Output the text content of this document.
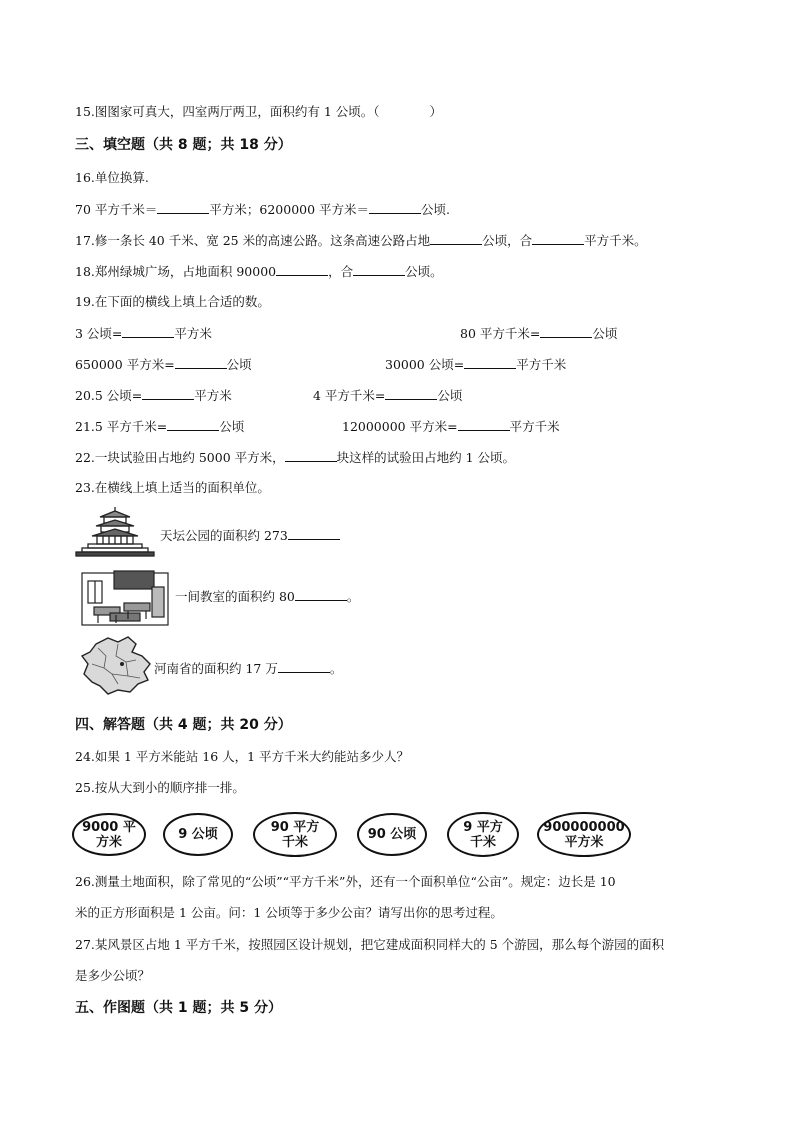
15.图图家可真大，四室两厅两卫，面积约有 1 公顷。（　　　　）
三、填空题（共 8 题；共 18 分）
16.单位换算.
70 平方千米＝	平方米；6200000 平方米＝	公顷.
17.修一条长 40 千米、宽 25 米的高速公路。这条高速公路占地	公顷，合	平方千米。
18.郑州绿城广场，占地面积 90000	，合	公顷。
19.在下面的横线上填上合适的数。
3 公顷=	平方米	80 平方千米=	公顷
650000 平方米=	公顷	30000 公顷=	平方千米
20.5 公顷=	平方米	4 平方千米=	公顷
21.5 平方千米=	公顷	12000000 平方米=	平方千米
22.一块试验田占地约 5000 平方米，	块这样的试验田占地约 1 公顷。
23.在横线上填上适当的面积单位。
天坛公园的面积约 273
一间教室的面积约 80	。
河南省的面积约 17 万	。
四、解答题（共 4 题；共 20 分）
24.如果 1 平方米能站 16 人，1 平方千米大约能站多少人？
25.按从大到小的顺序排一排。
9000 平
方米	9 公顷	90 平方
千米	90 公顷	9 平方
千米
900000000
平方米
26.测量土地面积，除了常见的“公顷”“平方千米”外，还有一个面积单位“公亩”。规定：边长是 10
米的正方形面积是 1 公亩。问：1 公顷等于多少公亩？请写出你的思考过程。
27.某风景区占地 1 平方千米，按照园区设计规划，把它建成面积同样大的 5 个游园，那么每个游园的面积
是多少公顷？
五、作图题（共 1 题；共 5 分）
